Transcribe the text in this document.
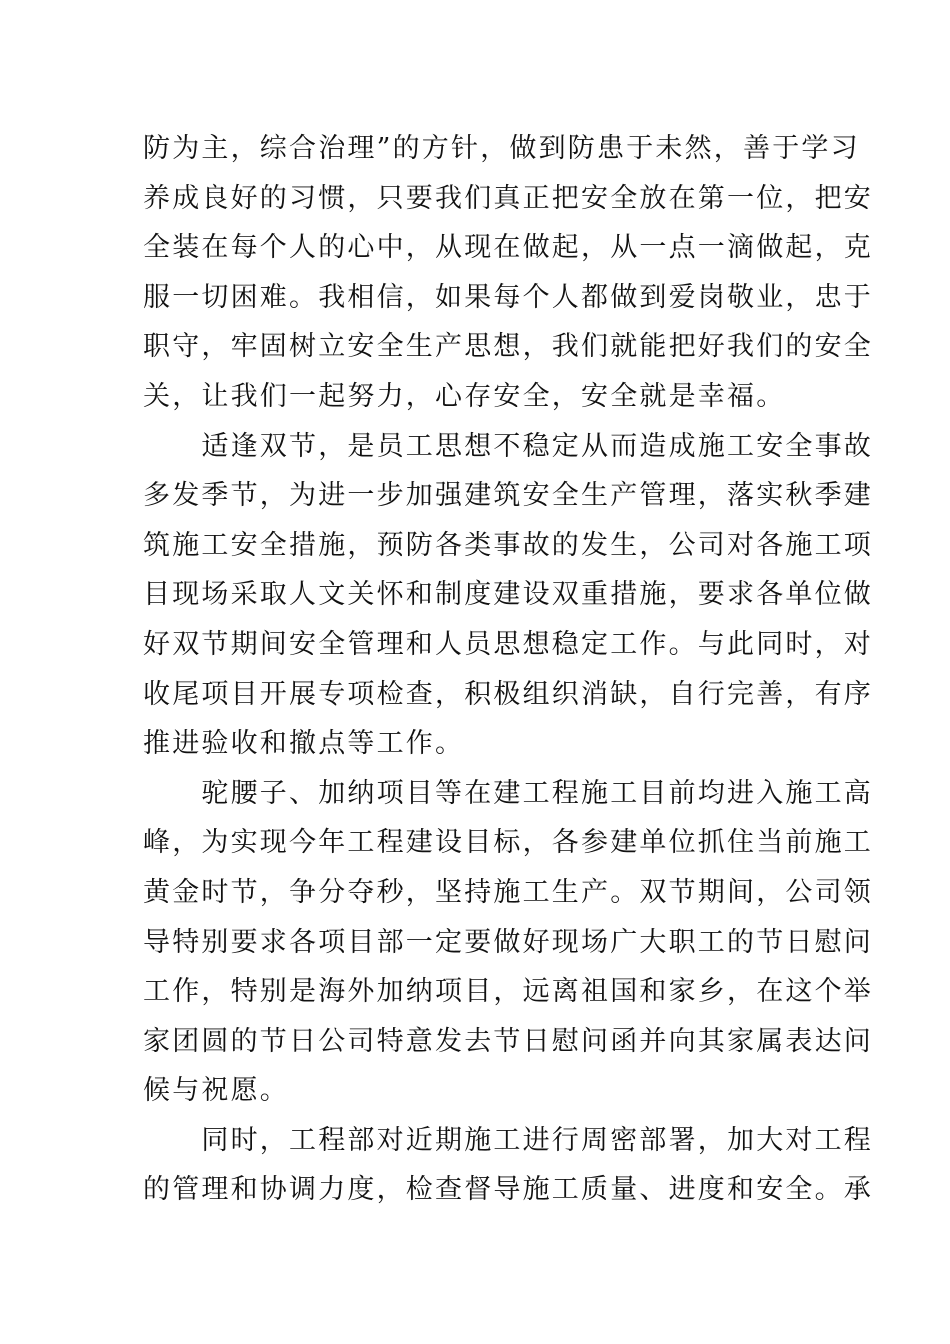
防为主，综合治理”的方针，做到防患于未然，善于学习
养成良好的习惯，只要我们真正把安全放在第一位，把安
全装在每个人的心中，从现在做起，从一点一滴做起，克
服一切困难。我相信，如果每个人都做到爱岗敬业，忠于
职守，牢固树立安全生产思想，我们就能把好我们的安全
关，让我们一起努力，心存安全，安全就是幸福。
　　适逢双节，是员工思想不稳定从而造成施工安全事故
多发季节，为进一步加强建筑安全生产管理，落实秋季建
筑施工安全措施，预防各类事故的发生，公司对各施工项
目现场采取人文关怀和制度建设双重措施，要求各单位做
好双节期间安全管理和人员思想稳定工作。与此同时，对
收尾项目开展专项检查，积极组织消缺，自行完善，有序
推进验收和撤点等工作。
　　驼腰子、加纳项目等在建工程施工目前均进入施工高
峰，为实现今年工程建设目标，各参建单位抓住当前施工
黄金时节，争分夺秒，坚持施工生产。双节期间，公司领
导特别要求各项目部一定要做好现场广大职工的节日慰问
工作，特别是海外加纳项目，远离祖国和家乡，在这个举
家团圆的节日公司特意发去节日慰问函并向其家属表达问
候与祝愿。
　　同时，工程部对近期施工进行周密部署，加大对工程
的管理和协调力度，检查督导施工质量、进度和安全。承
